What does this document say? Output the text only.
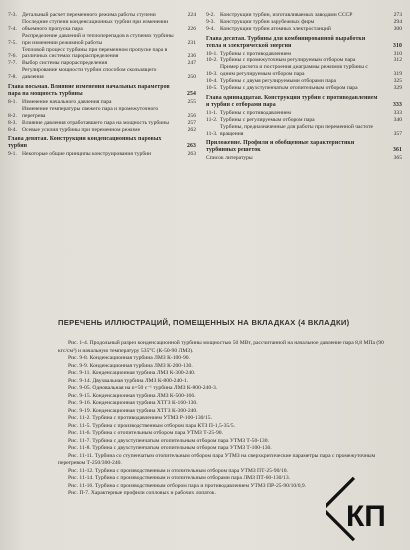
7-3. Детальный расчет переменного режима работы ступени	224
7-4.
Последние ступени конденсационных турбин при изменении объемного пропуска пара	226
7-5.
Распределение давлений и теплоперепадов в ступенях турбины при изменении режимной работы	231
7-6.
Тепловой процесс турбины при переменном пропуске пара в различных системах парораспределения	236
7-7. Выбор системы парораспределения	247
7-8.
Регулирование мощности турбин способом скользящего давления	250
Глава восьмая. Влияние изменения начальных параметров пара на мощность турбины	254
8-1. Изменение начального давления пара	255
8-2.
Изменение температуры свежего пара и промежуточного перегрева	256
8-3. Влияние давления отработавшего пара на мощность турбины	257
8-4. Осевые усилия турбины при переменном режиме	262
Глава девятая. Конструкции конденсационных паровых турбин	263
9-1. Некоторые общие принципы конструирования турбин	263
9-2. Конструкции турбин, изготавливаемых заводами СССР	273
9-3. Конструкции турбин зарубежных фирм	294
9-4. Конструкции турбин атомных электростанций	300
Глава десятая. Турбины для комбинированной выработки тепла и электрической энергии	310
10-1. Турбины с противодавлением	310
10-2. Турбины с промежуточным регулируемым отбором пара	312
10-3.
Пример расчета и построения диаграммы режимов турбины с одним регулируемым отбором пара	319
10-4. Турбины с двумя регулируемыми отборами пара	325
10-5. Турбины с двухступенчатым отопительным отбором пара	329
Глава одиннадцатая. Конструкции турбин с противодавлением и турбин с отборами пара	333
11-1. Турбины с противодавлением	333
11-2. Турбины с регулируемым отбором пара	340
11-3.
Турбины, предназначенные для работы при переменной частоте вращения	357
Приложение. Профили и обобщенные характеристики турбинных решеток	361
Список литературы	365
ПЕРЕЧЕНЬ ИЛЛЮСТРАЦИЙ, ПОМЕЩЕННЫХ НА ВКЛАДКАХ (4 ВКЛАДКИ)

Рис. 1-4. Продольный разрез конденсационной турбины мощностью 50 МВт, рассчитанной на начальное давление пара 8,8 МПа (90 кгс/см²) и начальную температуру 535°С (К-50-90 ЛМЗ).

Рис. 9-8. Конденсационная турбина ЛМЗ К-100-90.

Рис. 9-9. Конденсационная турбина ЛМЗ К-200-130.

Рис. 9-11. Конденсационная турбина ЛМЗ К-300-240.

Рис. 9-14. Двухвальная турбина ЛМЗ К-800-240-1.

Рис. 9-05. Одновальная на n=50 с⁻¹ турбина ЛМЗ К-800-240-3.

Рис. 9-15. Конденсационная турбина ЛМЗ К-500-166.

Рис. 9-16. Конденсационная турбина ХТГЗ К-160-130.

Рис. 9-19. Конденсационная турбина ХТГЗ К-300-240.

Рис. 11-2. Турбина с противодавлением УТМЗ Р-100-130/15.

Рис. 11-5. Турбина с производственным отбором пара КТЗ П-1,5-35/5.

Рис. 11-6. Турбина с отопительным отбором пара УТМЗ Т-25-90.

Рис. 11-7. Турбина с двухступенчатым отопительным отбором пара УТМЗ Т-50-130.

Рис. 11-8. Турбина с двухступенчатым отопительным отбором пара УТМЗ Т-100-130.

Рис. 11-11. Турбина со ступенчатым отопительным отбором пара УТМЗ на сверхкритические параметры пара с промежуточным перегревом Т-250/300-240.

Рис. 11-12. Турбина с производственным и отопительным отбором пара УТМЗ ПТ-25-90/10.

Рис. 11-14. Турбина с производственным и отопительным отборами пара ЛМЗ ПТ-60-130/13.

Рис. 11-16. Турбина с производственным отбором пара и противодавлением УТМЗ ПР-25-90/10/0,9.

Рис. П-7. Характерные профили сопловых и рабочих лопаток.

КП
